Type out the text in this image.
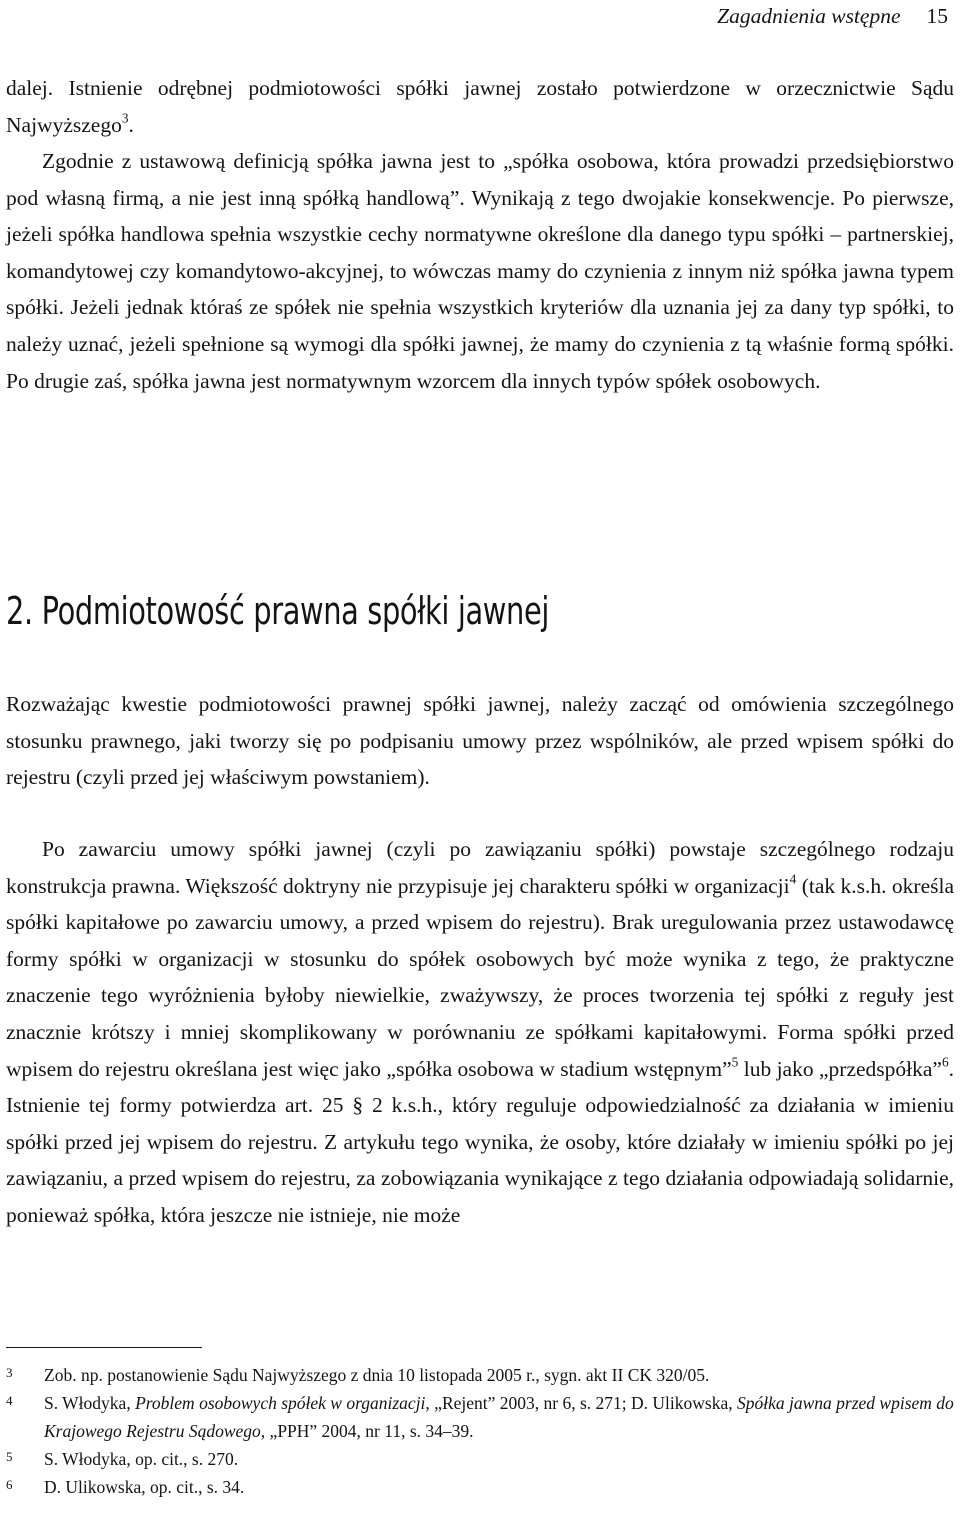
Zagadnienia wstępne 15

dalej. Istnienie odrębnej podmiotowości spółki jawnej zostało potwierdzone w orzecznictwie Sądu Najwyższego$^3$.

Zgodnie z ustawową definicją spółka jawna jest to „spółka osobowa, która prowadzi przedsiębiorstwo pod własną firmą, a nie jest inną spółką handlową”. Wynikają z tego dwojakie konsekwencje. Po pierwsze, jeżeli spółka handlowa spełnia wszystkie cechy normatywne określone dla danego typu spółki – partnerskiej, komandytowej czy komandytowo-akcyjnej, to wówczas mamy do czynienia z innym niż spółka jawna typem spółki. Jeżeli jednak któraś ze spółek nie spełnia wszystkich kryteriów dla uznania jej za dany typ spółki, to należy uznać, jeżeli spełnione są wymogi dla spółki jawnej, że mamy do czynienia z tą właśnie formą spółki. Po drugie zaś, spółka jawna jest normatywnym wzorcem dla innych typów spółek osobowych.

2. Podmiotowość prawna spółki jawnej

Rozważając kwestie podmiotowości prawnej spółki jawnej, należy zacząć od omówienia szczególnego stosunku prawnego, jaki tworzy się po podpisaniu umowy przez wspólników, ale przed wpisem spółki do rejestru (czyli przed jej właściwym powstaniem).

Po zawarciu umowy spółki jawnej (czyli po zawiązaniu spółki) powstaje szczególnego rodzaju konstrukcja prawna. Większość doktryny nie przypisuje jej charakteru spółki w organizacji$^4$ (tak k.s.h. określa spółki kapitałowe po zawarciu umowy, a przed wpisem do rejestru). Brak uregulowania przez ustawodawcę formy spółki w organizacji w stosunku do spółek osobowych być może wynika z tego, że praktyczne znaczenie tego wyróżnienia byłoby niewielkie, zważywszy, że proces tworzenia tej spółki z reguły jest znacznie krótszy i mniej skomplikowany w porównaniu ze spółkami kapitałowymi. Forma spółki przed wpisem do rejestru określana jest więc jako „spółka osobowa w stadium wstępnym”$^5$ lub jako „przedspółka”$^6$. Istnienie tej formy potwierdza art. 25 § 2 k.s.h., który reguluje odpowiedzialność za działania w imieniu spółki przed jej wpisem do rejestru. Z artykułu tego wynika, że osoby, które działały w imieniu spółki po jej zawiązaniu, a przed wpisem do rejestru, za zobowiązania wynikające z tego działania odpowiadają solidarnie, ponieważ spółka, która jeszcze nie istnieje, nie może

3	Zob. np. postanowienie Sądu Najwyższego z dnia 10 listopada 2005 r., sygn. akt II CK 320/05.
4	S. Włodyka, Problem osobowych spółek w organizacji, „Rejent” 2003, nr 6, s. 271; D. Ulikowska, Spółka jawna przed wpisem do Krajowego Rejestru Sądowego, „PPH” 2004, nr 11, s. 34–39.
5	S. Włodyka, op. cit., s. 270.
6	D. Ulikowska, op. cit., s. 34.
